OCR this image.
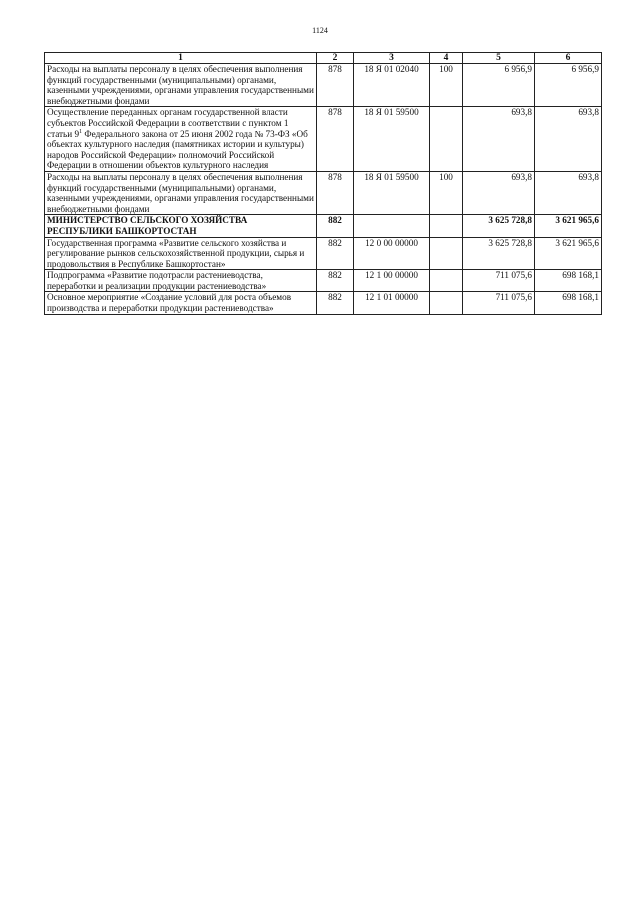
1124
1	2	3	4	5	6
Расходы на выплаты персоналу в целях обеспечения выполнения функций государственными (муниципальными) органами, казенными учреждениями, органами управления государственными внебюджетными фондами	878	18 Я 01 02040	100	6 956,9	6 956,9
Осуществление переданных органам государственной власти субъектов Российской Федерации в соответствии с пунктом 1 статьи $9^1$ Федерального закона от 25 июня 2002 года № 73-ФЗ «Об объектах культурного наследия (памятниках истории и культуры) народов Российской Федерации» полномочий Российской Федерации в отношении объектов культурного наследия	878	18 Я 01 59500		693,8	693,8
Расходы на выплаты персоналу в целях обеспечения выполнения функций государственными (муниципальными) органами, казенными учреждениями, органами управления государственными внебюджетными фондами	878	18 Я 01 59500	100	693,8	693,8
МИНИСТЕРСТВО СЕЛЬСКОГО ХОЗЯЙСТВА РЕСПУБЛИКИ БАШКОРТОСТАН	882			3 625 728,8	3 621 965,6
Государственная программа «Развитие сельского хозяйства и регулирование рынков сельскохозяйственной продукции, сырья и продовольствия в Республике Башкортостан»	882	12 0 00 00000		3 625 728,8	3 621 965,6
Подпрограмма «Развитие подотрасли растениеводства, переработки и реализации продукции растениеводства»	882	12 1 00 00000		711 075,6	698 168,1
Основное мероприятие «Создание условий для роста объемов производства и переработки продукции растениеводства»	882	12 1 01 00000		711 075,6	698 168,1
